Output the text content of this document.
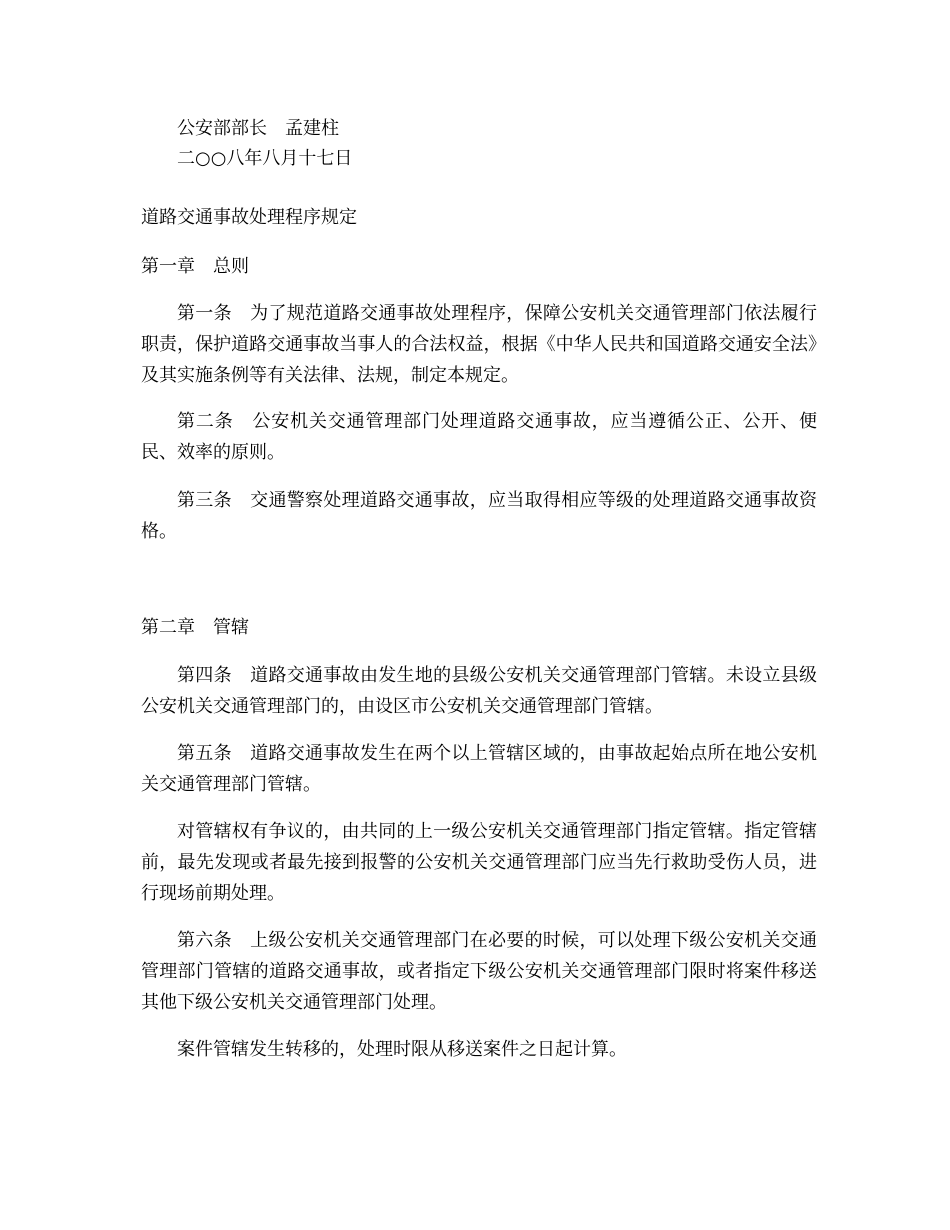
公安部部长　孟建柱
二○○八年八月十七日
道路交通事故处理程序规定
第一章　总则
第一条　为了规范道路交通事故处理程序，保障公安机关交通管理部门依法履行职责，保护道路交通事故当事人的合法权益，根据《中华人民共和国道路交通安全法》及其实施条例等有关法律、法规，制定本规定。
第二条　公安机关交通管理部门处理道路交通事故，应当遵循公正、公开、便民、效率的原则。
第三条　交通警察处理道路交通事故，应当取得相应等级的处理道路交通事故资格。
第二章　管辖
第四条　道路交通事故由发生地的县级公安机关交通管理部门管辖。未设立县级公安机关交通管理部门的，由设区市公安机关交通管理部门管辖。
第五条　道路交通事故发生在两个以上管辖区域的，由事故起始点所在地公安机关交通管理部门管辖。
对管辖权有争议的，由共同的上一级公安机关交通管理部门指定管辖。指定管辖前，最先发现或者最先接到报警的公安机关交通管理部门应当先行救助受伤人员，进行现场前期处理。
第六条　上级公安机关交通管理部门在必要的时候，可以处理下级公安机关交通管理部门管辖的道路交通事故，或者指定下级公安机关交通管理部门限时将案件移送其他下级公安机关交通管理部门处理。
案件管辖发生转移的，处理时限从移送案件之日起计算。
